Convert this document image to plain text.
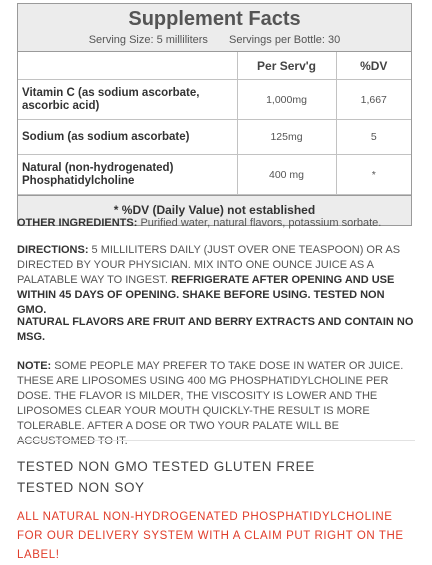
Supplement Facts
Serving Size: 5 milliliters Servings per Bottle: 30
	Per Serv'g	%DV
Vitamin C (as sodium ascorbate, ascorbic acid)	1,000mg	1,667
Sodium (as sodium ascorbate)	125mg	5
Natural (non-hydrogenated) Phosphatidylcholine	400 mg	*
* %DV (Daily Value) not established
OTHER INGREDIENTS: Purified water, natural flavors, potassium sorbate.
DIRECTIONS: 5 MILLILITERS DAILY (JUST OVER ONE TEASPOON) OR AS DIRECTED BY YOUR PHYSICIAN. MIX INTO ONE OUNCE JUICE AS A PALATABLE WAY TO INGEST. REFRIGERATE AFTER OPENING AND USE WITHIN 45 DAYS OF OPENING. SHAKE BEFORE USING. TESTED NON GMO.
NATURAL FLAVORS ARE FRUIT AND BERRY EXTRACTS AND CONTAIN NO MSG.
NOTE: SOME PEOPLE MAY PREFER TO TAKE DOSE IN WATER OR JUICE. THESE ARE LIPOSOMES USING 400 MG PHOSPHATIDYLCHOLINE PER DOSE. THE FLAVOR IS MILDER, THE VISCOSITY IS LOWER AND THE LIPOSOMES CLEAR YOUR MOUTH QUICKLY-THE RESULT IS MORE TOLERABLE. AFTER A DOSE OR TWO YOUR PALATE WILL BE ACCUSTOMED TO IT.
TESTED NON GMO TESTED GLUTEN FREE TESTED NON SOY
ALL NATURAL NON-HYDROGENATED PHOSPHATIDYLCHOLINE FOR OUR DELIVERY SYSTEM WITH A CLAIM PUT RIGHT ON THE LABEL!
